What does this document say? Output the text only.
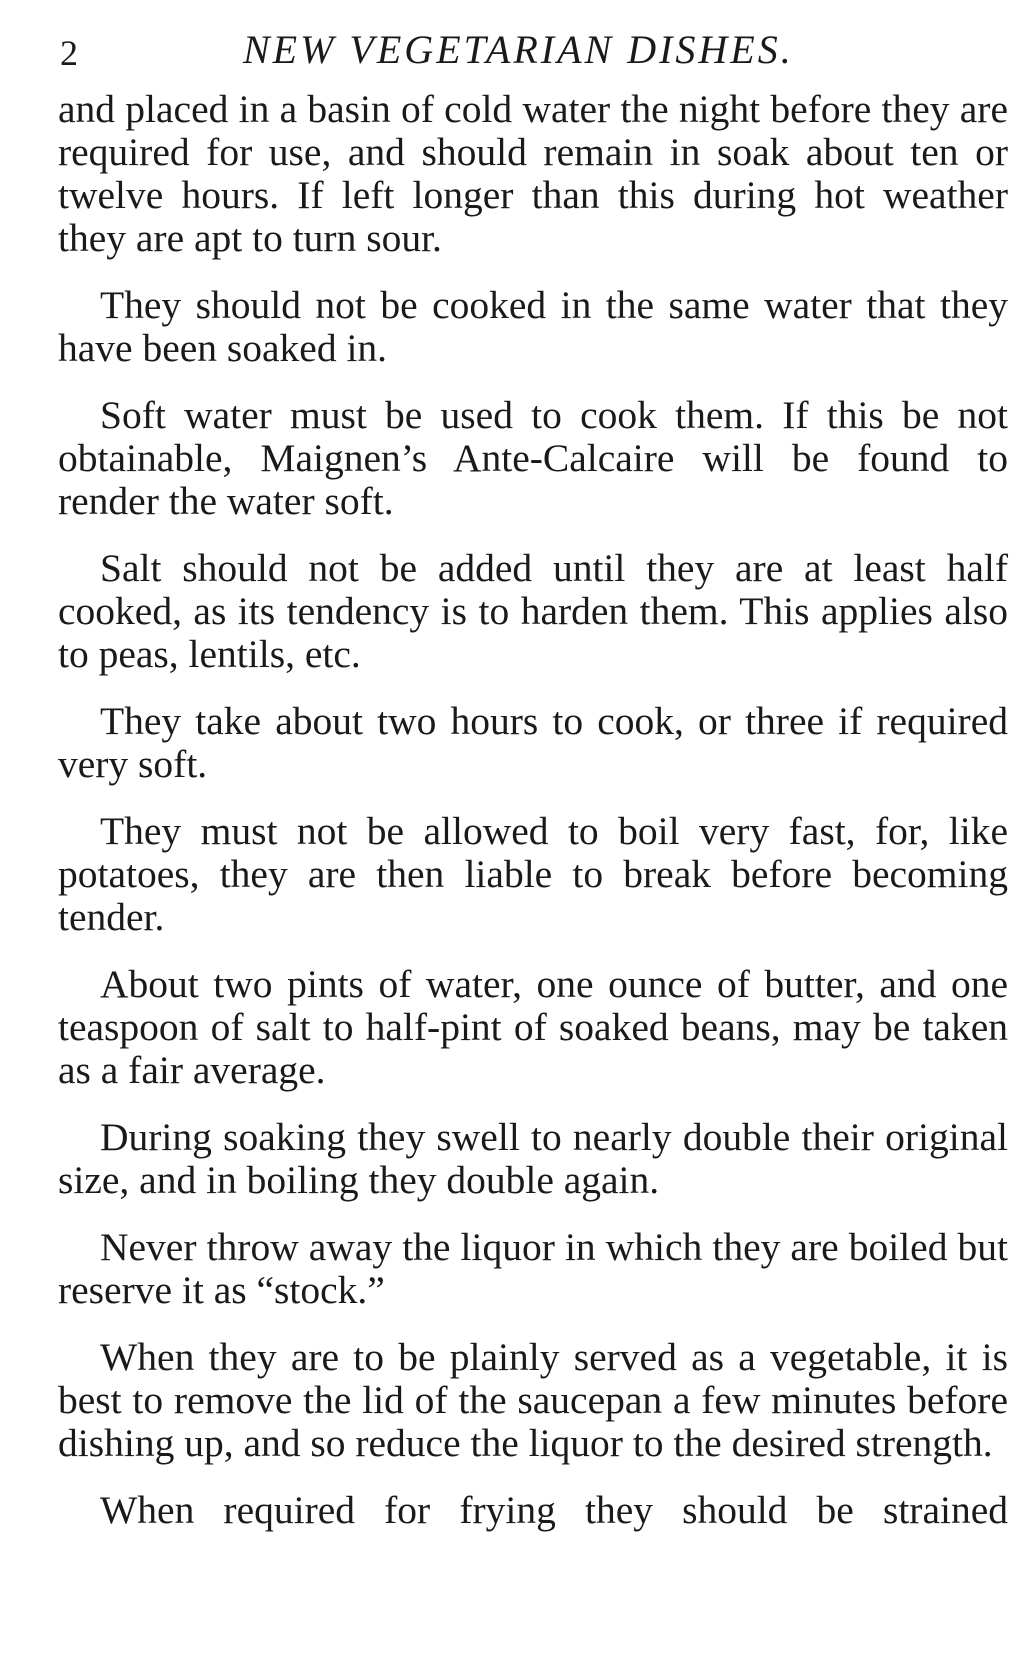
2	NEW VEGETARIAN DISHES.

and placed in a basin of cold water the night before they are required for use, and should remain in soak about ten or twelve hours. If left longer than this during hot weather they are apt to turn sour.

They should not be cooked in the same water that they have been soaked in.

Soft water must be used to cook them. If this be not obtainable, Maignen’s Ante-Calcaire will be found to render the water soft.

Salt should not be added until they are at least half cooked, as its tendency is to harden them. This applies also to peas, lentils, etc.

They take about two hours to cook, or three if required very soft.

They must not be allowed to boil very fast, for, like potatoes, they are then liable to break before becoming tender.

About two pints of water, one ounce of butter, and one teaspoon of salt to half-pint of soaked beans, may be taken as a fair average.

During soaking they swell to nearly double their original size, and in boiling they double again.

Never throw away the liquor in which they are boiled but reserve it as “stock.”

When they are to be plainly served as a vegetable, it is best to remove the lid of the saucepan a few minutes before dishing up, and so reduce the liquor to the desired strength.

When required for frying they should be strained
